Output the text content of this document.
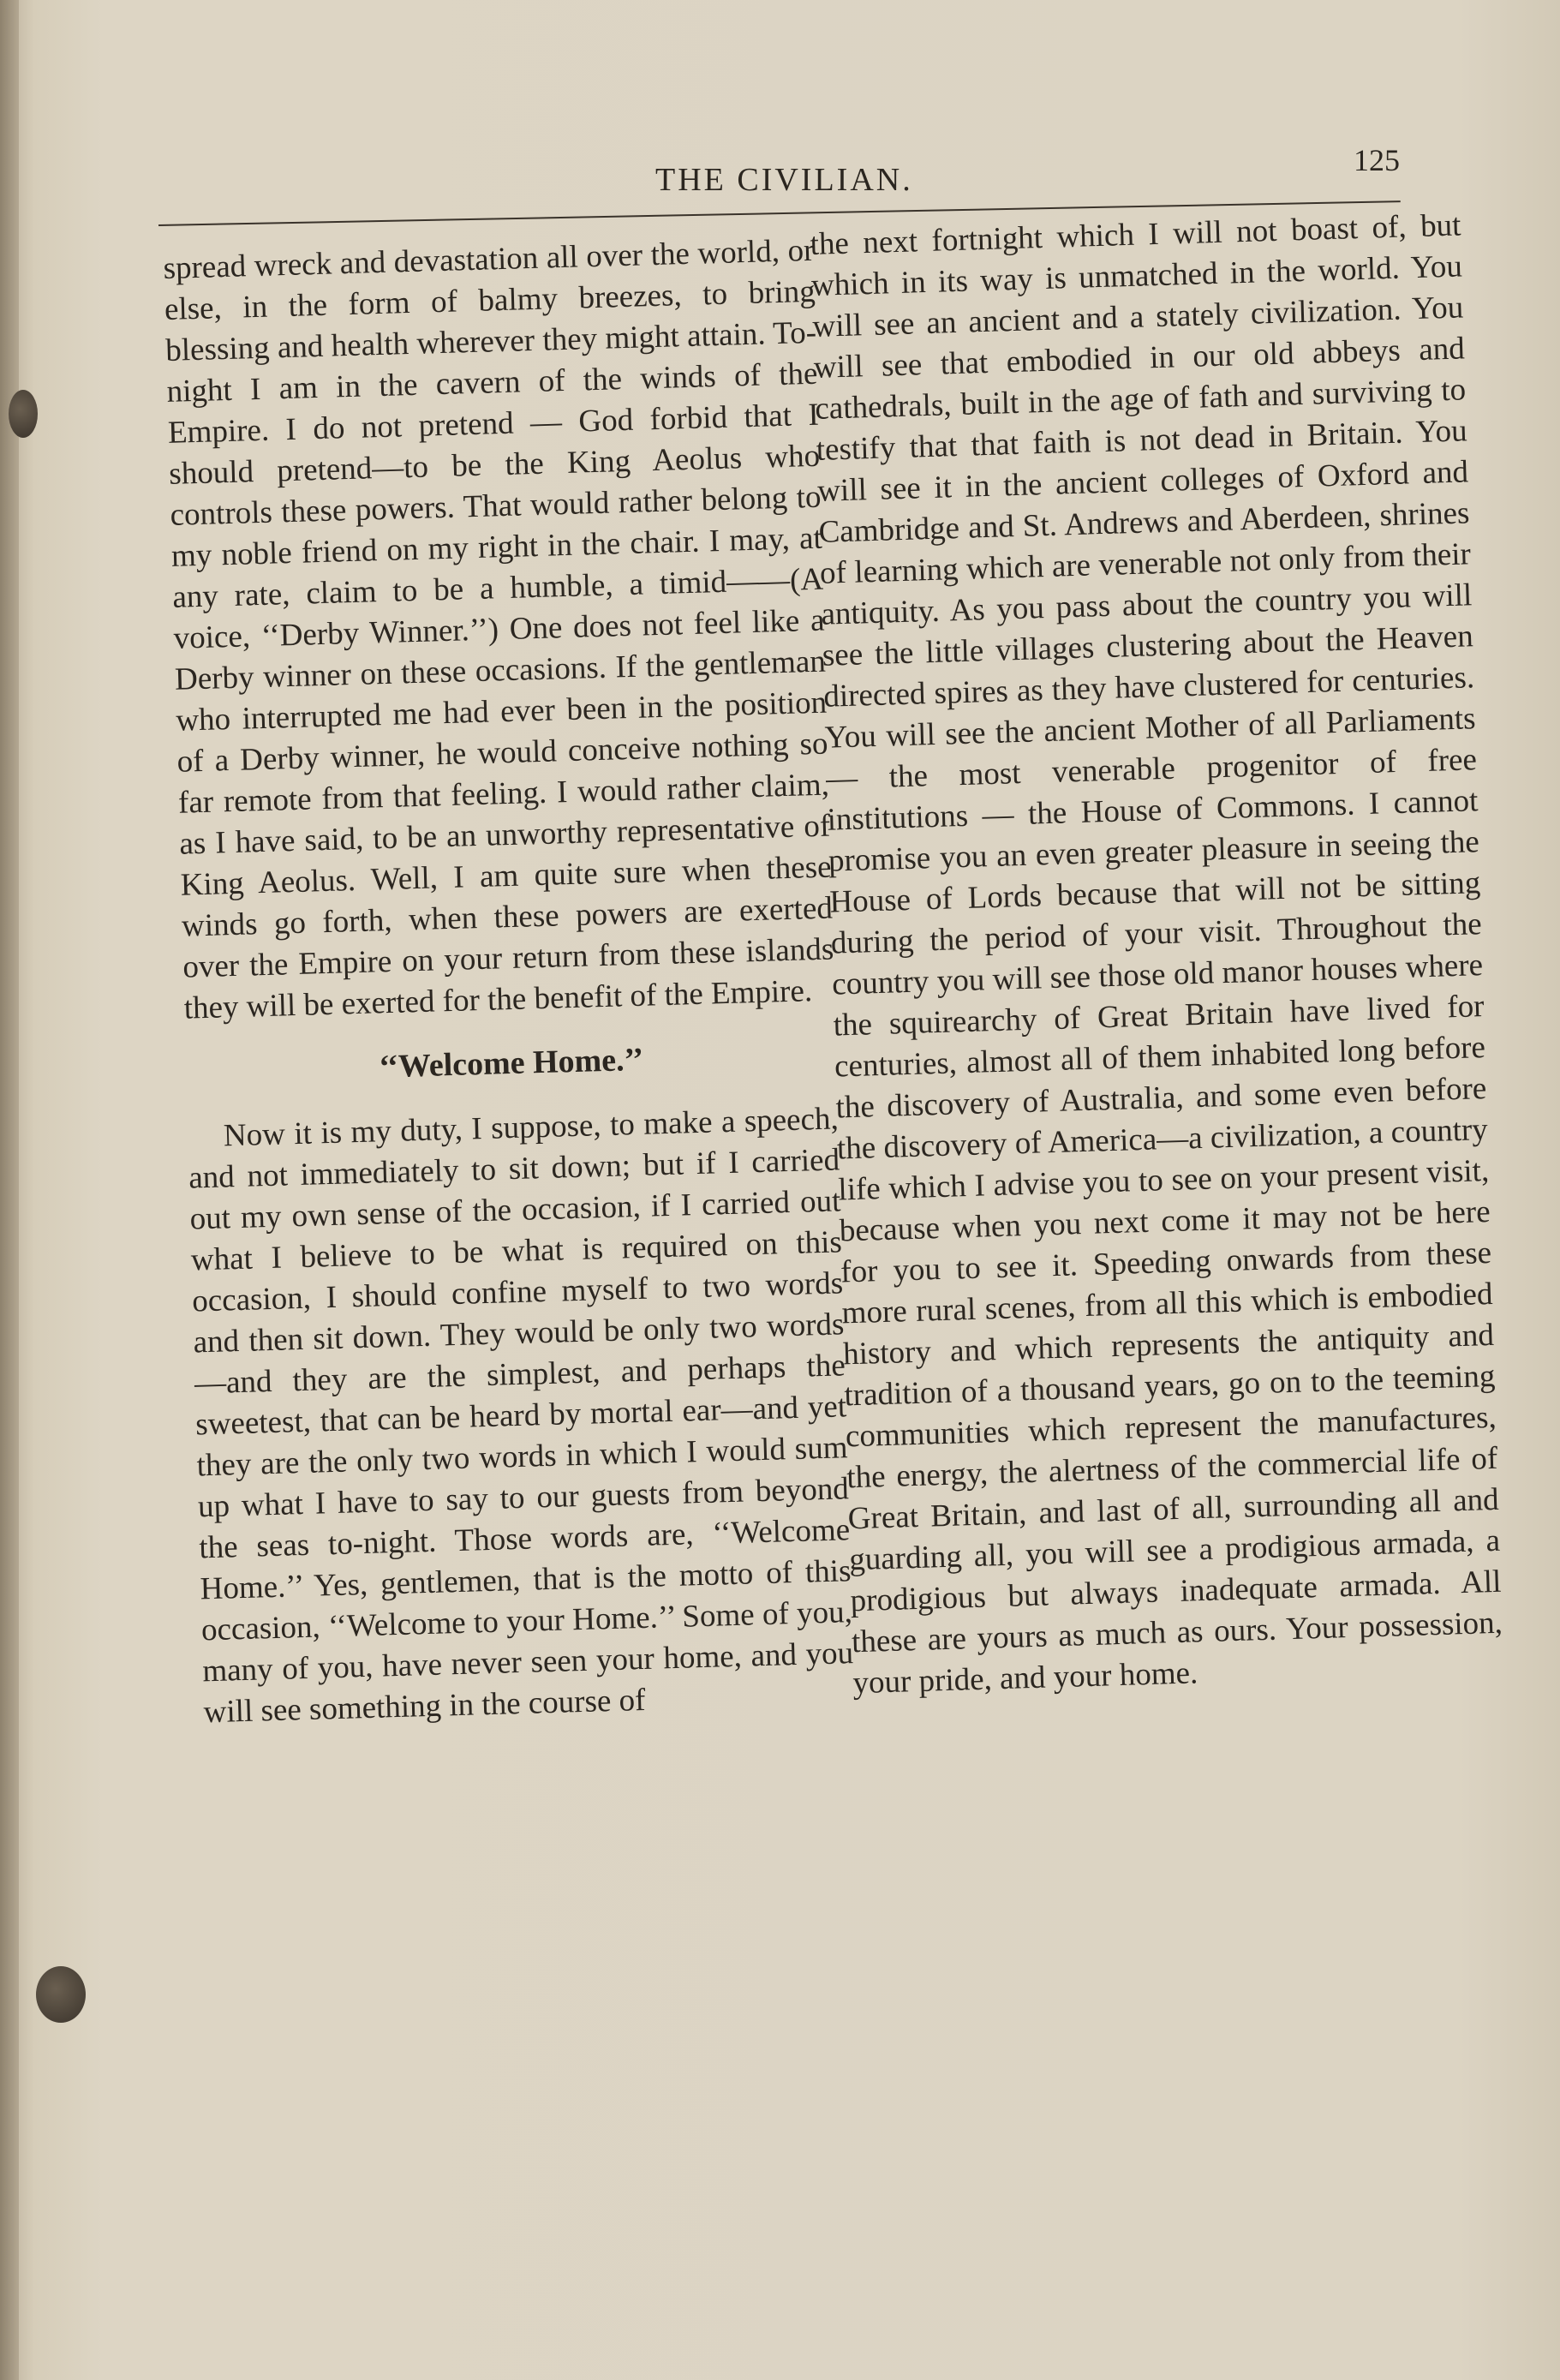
THE CIVILIAN.
125

spread wreck and devastation all over the world, or else, in the form of balmy breezes, to bring blessing and health wherever they might attain. To-night I am in the cavern of the winds of the Empire. I do not pretend — God forbid that I should pretend—to be the King Aeolus who controls these powers. That would rather belong to my noble friend on my right in the chair. I may, at any rate, claim to be a humble, a timid——(A voice, ‘‘Derby Winner.’’) One does not feel like a Derby winner on these occasions. If the gentleman who interrupted me had ever been in the position of a Derby winner, he would conceive nothing so far remote from that feeling. I would rather claim, as I have said, to be an unworthy representative of King Aeolus. Well, I am quite sure when these winds go forth, when these powers are exerted over the Empire on your return from these islands they will be exerted for the benefit of the Empire.

‘‘Welcome Home.’’

Now it is my duty, I suppose, to make a speech, and not immediately to sit down; but if I carried out my own sense of the occasion, if I carried out what I believe to be what is required on this occasion, I should confine myself to two words and then sit down. They would be only two words—and they are the simplest, and perhaps the sweetest, that can be heard by mortal ear—and yet they are the only two words in which I would sum up what I have to say to our guests from beyond the seas to-night. Those words are, ‘‘Welcome Home.’’ Yes, gentlemen, that is the motto of this occasion, ‘‘Welcome to your Home.’’ Some of you, many of you, have never seen your home, and you will see something in the course of

the next fortnight which I will not boast of, but which in its way is unmatched in the world. You will see an ancient and a stately civilization. You will see that embodied in our old abbeys and cathedrals, built in the age of fath and surviving to testify that that faith is not dead in Britain. You will see it in the ancient colleges of Oxford and Cambridge and St. Andrews and Aberdeen, shrines of learning which are venerable not only from their antiquity. As you pass about the country you will see the little villages clustering about the Heaven directed spires as they have clustered for centuries. You will see the ancient Mother of all Parliaments — the most venerable progenitor of free institutions — the House of Commons. I cannot promise you an even greater pleasure in seeing the House of Lords because that will not be sitting during the period of your visit. Throughout the country you will see those old manor houses where the squirearchy of Great Britain have lived for centuries, almost all of them inhabited long before the discovery of Australia, and some even before the discovery of America—a civilization, a country life which I advise you to see on your present visit, because when you next come it may not be here for you to see it. Speeding onwards from these more rural scenes, from all this which is embodied history and which represents the antiquity and tradition of a thousand years, go on to the teeming communities which represent the manufactures, the energy, the alertness of the commercial life of Great Britain, and last of all, surrounding all and guarding all, you will see a prodigious armada, a prodigious but always inadequate armada. All these are yours as much as ours. Your possession, your pride, and your home.
